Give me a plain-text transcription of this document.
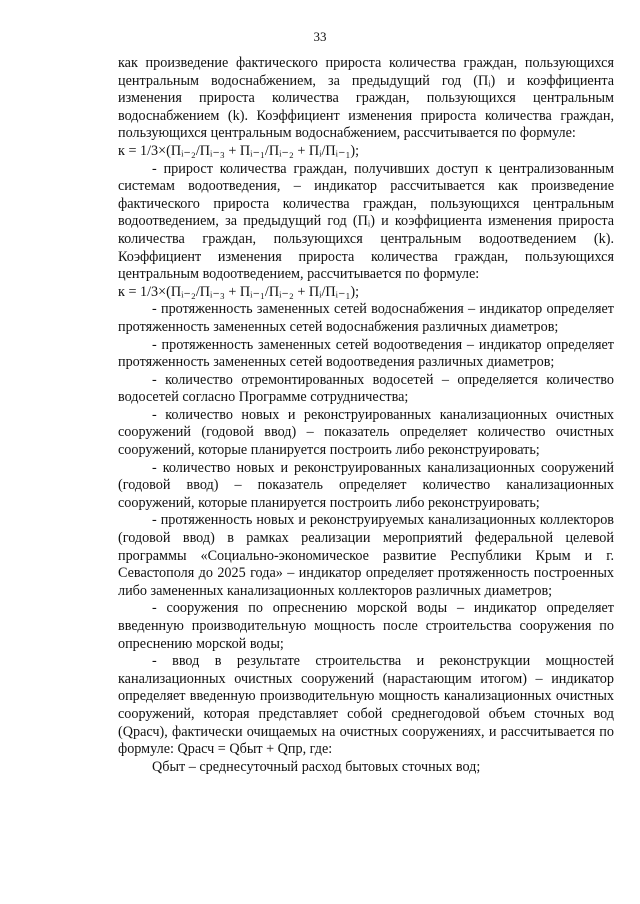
33

как произведение фактического прироста количества граждан, пользующихся центральным водоснабжением, за предыдущий год (Пᵢ) и коэффициента изменения прироста количества граждан, пользующихся центральным водоснабжением (k). Коэффициент изменения прироста количества граждан, пользующихся центральным водоснабжением, рассчитывается по формуле:

к = 1/3×(Пᵢ₋₂/Пᵢ₋₃ + Пᵢ₋₁/Пᵢ₋₂ + Пᵢ/Пᵢ₋₁);

- прирост количества граждан, получивших доступ к централизованным системам водоотведения, – индикатор рассчитывается как произведение фактического прироста количества граждан, пользующихся центральным водоотведением, за предыдущий год (Пᵢ) и коэффициента изменения прироста количества граждан, пользующихся центральным водоотведением (k). Коэффициент изменения прироста количества граждан, пользующихся центральным водоотведением, рассчитывается по формуле:

к = 1/3×(Пᵢ₋₂/Пᵢ₋₃ + Пᵢ₋₁/Пᵢ₋₂ + Пᵢ/Пᵢ₋₁);

- протяженность замененных сетей водоснабжения – индикатор определяет протяженность замененных сетей водоснабжения различных диаметров;

- протяженность замененных сетей водоотведения – индикатор определяет протяженность замененных сетей водоотведения различных диаметров;

- количество отремонтированных водосетей – определяется количество водосетей согласно Программе сотрудничества;

- количество новых и реконструированных канализационных очистных сооружений (годовой ввод) – показатель определяет количество очистных сооружений, которые планируется построить либо реконструировать;

- количество новых и реконструированных канализационных сооружений (годовой ввод) – показатель определяет количество канализационных сооружений, которые планируется построить либо реконструировать;

- протяженность новых и реконструируемых канализационных коллекторов (годовой ввод) в рамках реализации мероприятий федеральной целевой программы «Социально-экономическое развитие Республики Крым и г. Севастополя до 2025 года» – индикатор определяет протяженность построенных либо замененных канализационных коллекторов различных диаметров;

- сооружения по опреснению морской воды – индикатор определяет введенную производительную мощность после строительства сооружения по опреснению морской воды;

- ввод в результате строительства и реконструкции мощностей канализационных очистных сооружений (нарастающим итогом) – индикатор определяет введенную производительную мощность канализационных очистных сооружений, которая представляет собой среднегодовой объем сточных вод (Qрасч), фактически очищаемых на очистных сооружениях, и рассчитывается по формуле: Qрасч = Qбыт + Qпр, где:

Qбыт – среднесуточный расход бытовых сточных вод;
